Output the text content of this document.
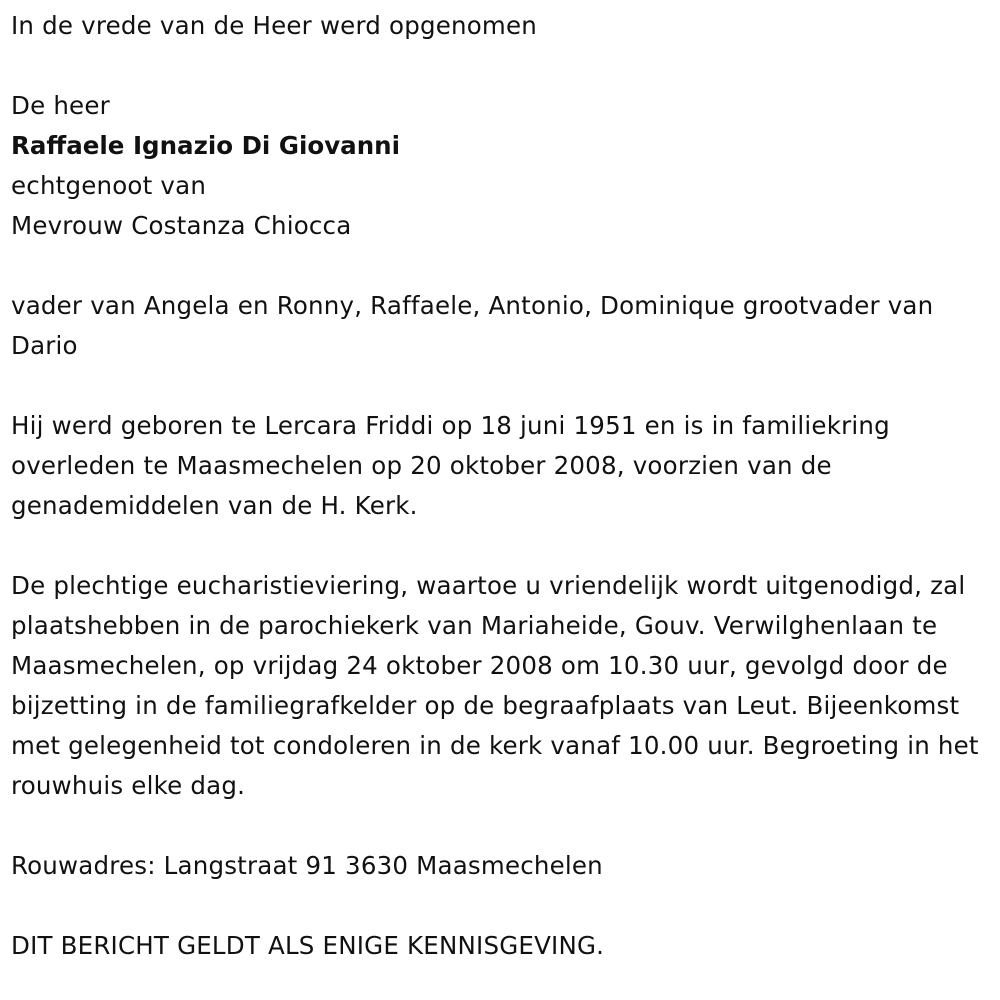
In de vrede van de Heer werd opgenomen

De heer

Raffaele Ignazio Di Giovanni

echtgenoot van

Mevrouw Costanza Chiocca

vader van Angela en Ronny, Raffaele, Antonio, Dominique grootvader van Dario

Hij werd geboren te Lercara Friddi op 18 juni 1951 en is in familiekring overleden te Maasmechelen op 20 oktober 2008, voorzien van de genademiddelen van de H. Kerk.

De plechtige eucharistieviering, waartoe u vriendelijk wordt uitgenodigd, zal plaatshebben in de parochiekerk van Mariaheide, Gouv. Verwilghenlaan te Maasmechelen, op vrijdag 24 oktober 2008 om 10.30 uur, gevolgd door de bijzetting in de familiegrafkelder op de begraafplaats van Leut. Bijeenkomst met gelegenheid tot condoleren in de kerk vanaf 10.00 uur. Begroeting in het rouwhuis elke dag.

Rouwadres: Langstraat 91 3630 Maasmechelen

DIT BERICHT GELDT ALS ENIGE KENNISGEVING.
